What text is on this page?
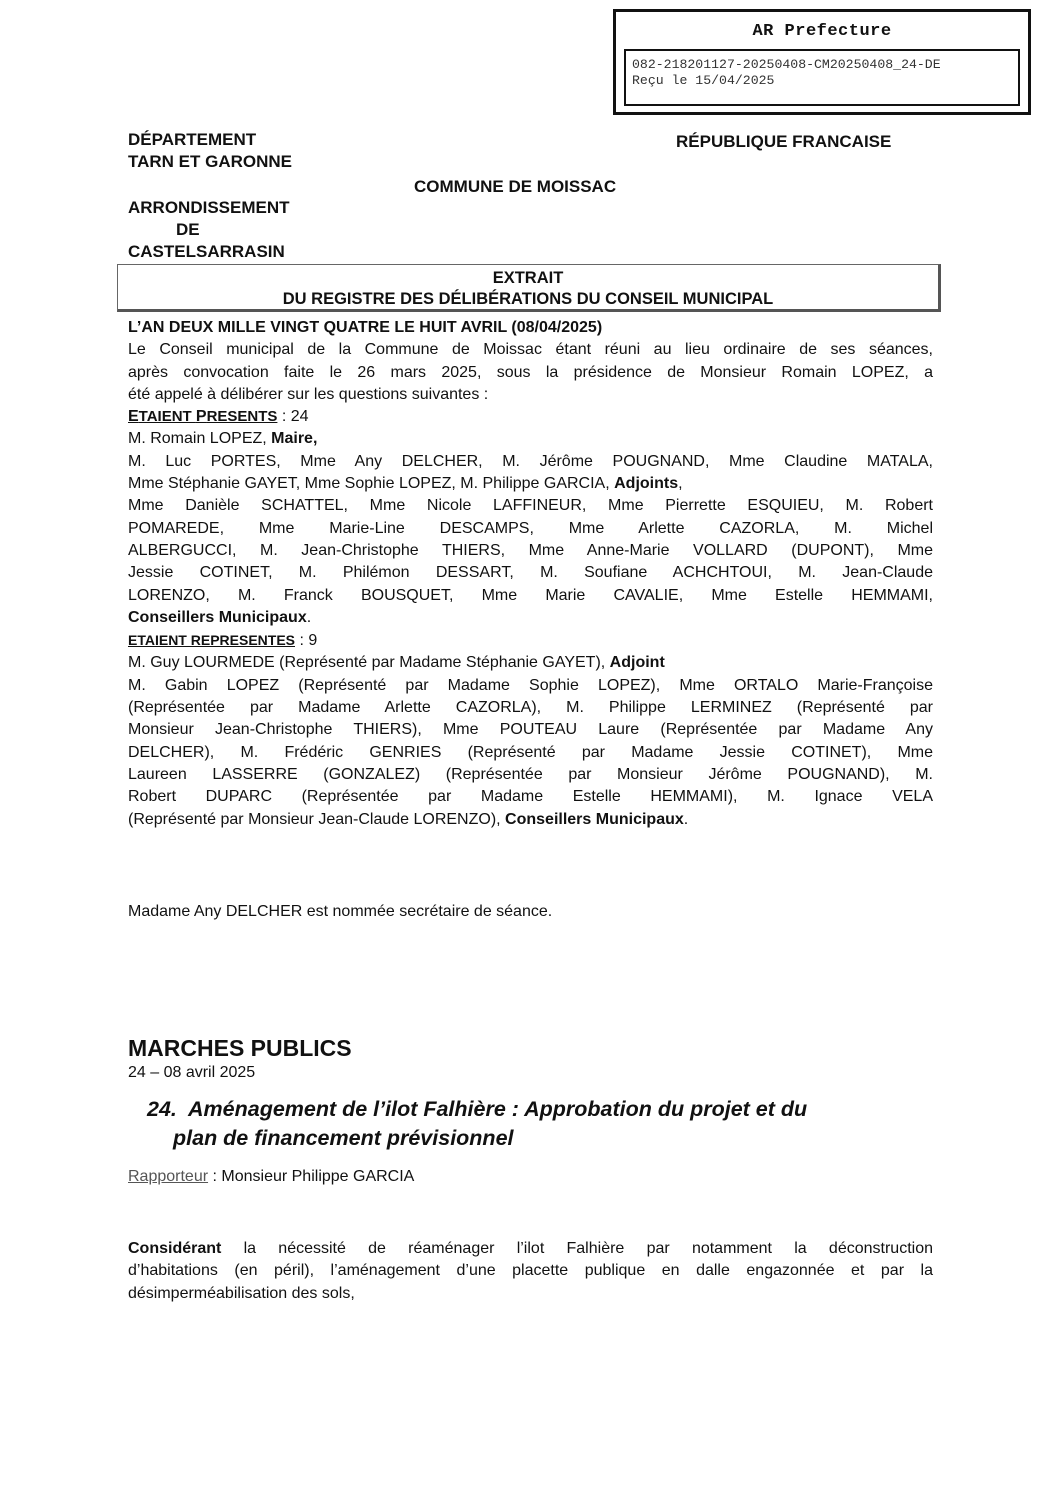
AR Prefecture
082-218201127-20250408-CM20250408_24-DE
Reçu le 15/04/2025
DÉPARTEMENT
TARN ET GARONNE
RÉPUBLIQUE FRANCAISE
COMMUNE DE MOISSAC
ARRONDISSEMENT
DE
CASTELSARRASIN
EXTRAIT
DU REGISTRE DES DÉLIBÉRATIONS DU CONSEIL MUNICIPAL
L’AN DEUX MILLE VINGT QUATRE LE HUIT AVRIL (08/04/2025)
Le Conseil municipal de la Commune de Moissac étant réuni au lieu ordinaire de ses séances,
après convocation faite le 26 mars 2025, sous la présidence de Monsieur Romain LOPEZ, a
été appelé à délibérer sur les questions suivantes :
ETAIENT PRESENTS : 24
M. Romain LOPEZ, Maire,
M. Luc PORTES, Mme Any DELCHER, M. Jérôme POUGNAND, Mme Claudine MATALA,
Mme Stéphanie GAYET, Mme Sophie LOPEZ, M. Philippe GARCIA, Adjoints,
Mme Danièle SCHATTEL, Mme Nicole LAFFINEUR, Mme Pierrette ESQUIEU, M. Robert
POMAREDE, Mme Marie-Line DESCAMPS, Mme Arlette CAZORLA, M. Michel
ALBERGUCCI, M. Jean-Christophe THIERS, Mme Anne-Marie VOLLARD (DUPONT), Mme
Jessie COTINET, M. Philémon DESSART, M. Soufiane ACHCHTOUI, M. Jean-Claude
LORENZO, M. Franck BOUSQUET, Mme Marie CAVALIE, Mme Estelle HEMMAMI,
Conseillers Municipaux.
ETAIENT REPRESENTES : 9
M. Guy LOURMEDE (Représenté par Madame Stéphanie GAYET), Adjoint
M. Gabin LOPEZ (Représenté par Madame Sophie LOPEZ), Mme ORTALO Marie-Françoise
(Représentée par Madame Arlette CAZORLA), M. Philippe LERMINEZ (Représenté par
Monsieur Jean-Christophe THIERS), Mme POUTEAU Laure (Représentée par Madame Any
DELCHER), M. Frédéric GENRIES (Représenté par Madame Jessie COTINET), Mme
Laureen LASSERRE (GONZALEZ) (Représentée par Monsieur Jérôme POUGNAND), M.
Robert DUPARC (Représentée par Madame Estelle HEMMAMI), M. Ignace VELA
(Représenté par Monsieur Jean-Claude LORENZO), Conseillers Municipaux.
Madame Any DELCHER est nommée secrétaire de séance.
MARCHES PUBLICS
24 – 08 avril 2025
24. Aménagement de l’ilot Falhière : Approbation du projet et du
plan de financement prévisionnel
Rapporteur : Monsieur Philippe GARCIA
Considérant la nécessité de réaménager l’ilot Falhière par notamment la déconstruction
d’habitations (en péril), l’aménagement d’une placette publique en dalle engazonnée et par la
désimperméabilisation des sols,
